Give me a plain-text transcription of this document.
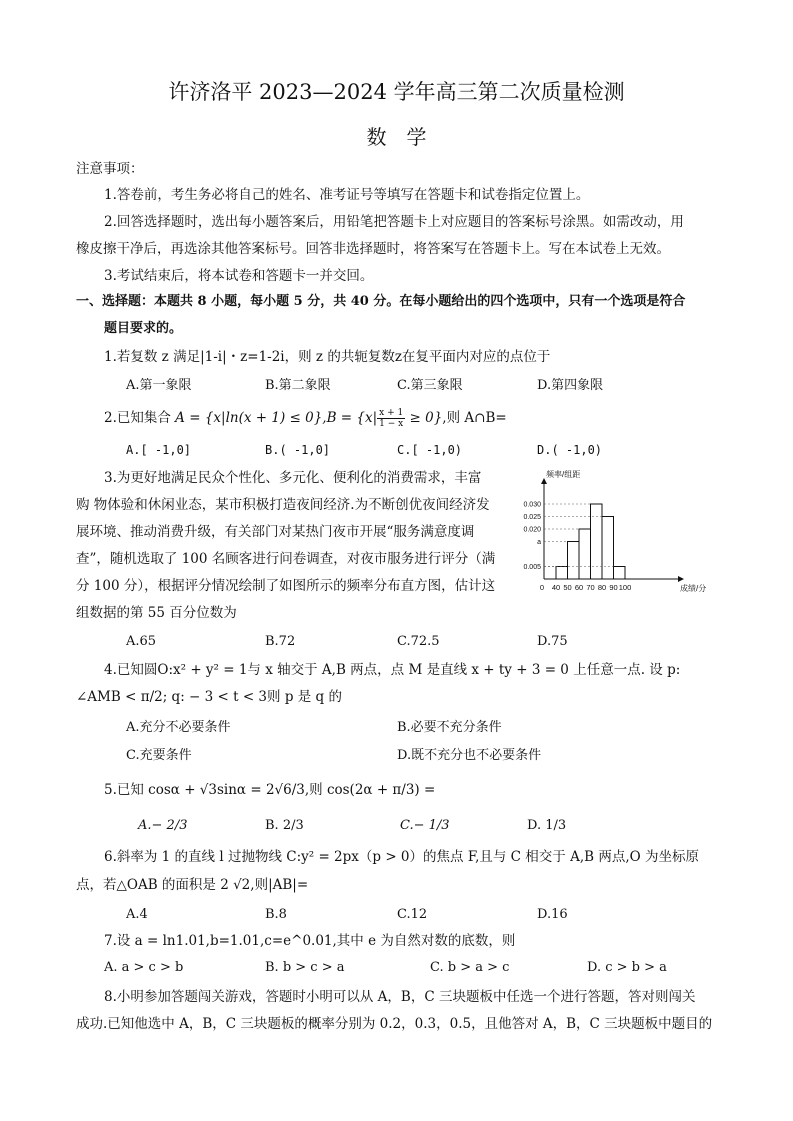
许济洛平 2023—2024 学年高三第二次质量检测
数　学
注意事项：
1.答卷前，考生务必将自己的姓名、准考证号等填写在答题卡和试卷指定位置上。
2.回答选择题时，选出每小题答案后，用铅笔把答题卡上对应题目的答案标号涂黑。如需改动，用
橡皮擦干净后，再选涂其他答案标号。回答非选择题时，将答案写在答题卡上。写在本试卷上无效。
3.考试结束后，将本试卷和答题卡一并交回。
一、选择题：本题共 8 小题，每小题 5 分，共 40 分。在每小题给出的四个选项中，只有一个选项是符合
题目要求的。
1.若复数 z 满足|1-i|・z=1-2i，则 z 的共轭复数z在复平面内对应的点位于
A.第一象限	B.第二象限	C.第三象限	D.第四象限
2.已知集合 $A = \{x|\ln(x + 1) \le 0\},B = \{x| \frac{x + 1}{1 - x} \ge 0\}$,则 A∩B=
A.[ -1,0]	B.( -1,0]	C.[ -1,0)	D.( -1,0)
3.为更好地满足民众个性化、多元化、便利化的消费需求，丰富
购 物体验和休闲业态，某市积极打造夜间经济.为不断创优夜间经济发
展环境、推动消费升级，有关部门对某热门夜市开展“服务满意度调
查”，随机选取了 100 名顾客进行问卷调查，对夜市服务进行评分（满
分 100 分），根据评分情况绘制了如图所示的频率分布直方图，估计这
组数据的第 55 百分位数为
A.65	B.72	C.72.5	D.75
频率/组距
成绩/分
0 40 50 60 70 80 90 100
0.030
0.025
0.020
a
0.005
4.已知圆O:x² + y² = 1与 x 轴交于 A,B 两点，点 M 是直线 x + ty + 3 = 0 上任意一点. 设 p:
∠AMB < π/2; q: − 3 < t < 3则 p 是 q 的
A.充分不必要条件	B.必要不充分条件
C.充要条件	D.既不充分也不必要条件
5.已知 cosα + √3sinα = 2√6/3,则 cos(2α + π/3) =
A.− 2/3	B. 2/3	C.− 1/3	D. 1/3
6.斜率为 1 的直线 l 过抛物线 C:y² = 2px（p > 0）的焦点 F,且与 C 相交于 A,B 两点,O 为坐标原
点，若△OAB 的面积是 2 √2,则|AB|=
A.4	B.8	C.12	D.16
7.设 a = ln1.01,b=1.01,c=e^0.01,其中 e 为自然对数的底数，则
A. a > c > b	B. b > c > a	C. b > a > c	D. c > b > a
8.小明参加答题闯关游戏，答题时小明可以从 A，B，C 三块题板中任选一个进行答题，答对则闯关
成功.已知他选中 A，B，C 三块题板的概率分别为 0.2，0.3，0.5，且他答对 A，B，C 三块题板中题目的
